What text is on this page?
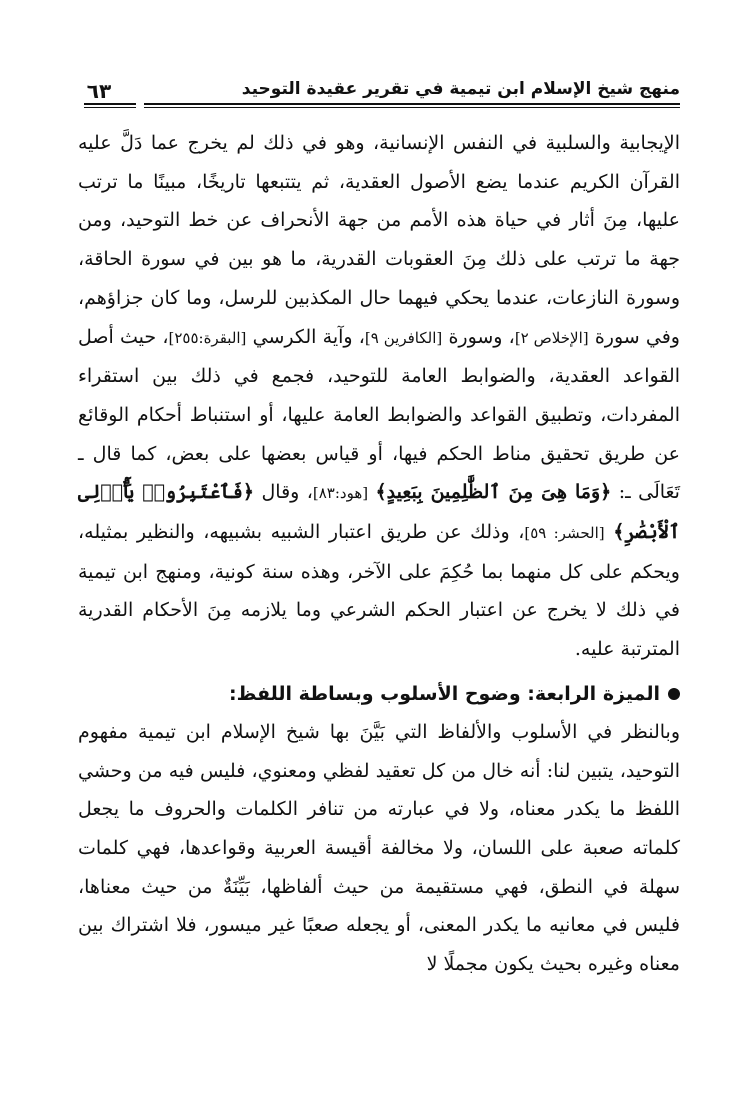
منهج شيخ الإسلام ابن تيمية في تقرير عقيدة التوحيد
٦٣

الإيجابية والسلبية في النفس الإنسانية، وهو في ذلك لم يخرج عما دَلَّ عليه القرآن الكريم عندما يضع الأصول العقدية، ثم يتتبعها تاريخًا، مبينًا ما ترتب عليها، مِنَ أثار في حياة هذه الأمم من جهة الأنحراف عن خط التوحيد، ومن جهة ما ترتب على ذلك مِنَ العقوبات القدرية، ما هو بين في سورة الحاقة، وسورة النازعات، عندما يحكي فيهما حال المكذبين للرسل، وما كان جزاؤهم، وفي سورة [الإخلاص ٢]، وسورة [الكافرين ٩]، وآية الكرسي [البقرة:٢٥٥]، حيث أصل القواعد العقدية، والضوابط العامة للتوحيد، فجمع في ذلك بين استقراء المفردات، وتطبيق القواعد والضوابط العامة عليها، أو استنباط أحكام الوقائع عن طريق تحقيق مناط الحكم فيها، أو قياس بعضها على بعض، كما قال ـ تَعَالَى ـ: ﴿وَمَا هِىَ مِنَ ٱلظَّٰلِمِينَ بِبَعِيدٍ﴾ [هود:٨٣]، وقال ﴿فَٱعْتَبِرُوا۟ يَٰٓأُو۟لِى ٱلْأَبْصَٰرِ﴾ [الحشر: ٥٩]، وذلك عن طريق اعتبار الشبيه بشبيهه، والنظير بمثيله، ويحكم على كل منهما بما حُكِمَ على الآخر، وهذه سنة كونية، ومنهج ابن تيمية في ذلك لا يخرج عن اعتبار الحكم الشرعي وما يلازمه مِنَ الأحكام القدرية المترتبة عليه.

الميزة الرابعة: وضوح الأسلوب وبساطة اللفظ:

وبالنظر في الأسلوب والألفاظ التي بَيَّنَ بها شيخ الإسلام ابن تيمية مفهوم التوحيد، يتبين لنا: أنه خال من كل تعقيد لفظي ومعنوي، فليس فيه من وحشي اللفظ ما يكدر معناه، ولا في عبارته من تنافر الكلمات والحروف ما يجعل كلماته صعبة على اللسان، ولا مخالفة أقيسة العربية وقواعدها، فهي كلمات سهلة في النطق، فهي مستقيمة من حيث ألفاظها، بَيِّنَةٌ من حيث معناها، فليس في معانيه ما يكدر المعنى، أو يجعله صعبًا غير ميسور، فلا اشتراك بين معناه وغيره بحيث يكون مجملًا لا
